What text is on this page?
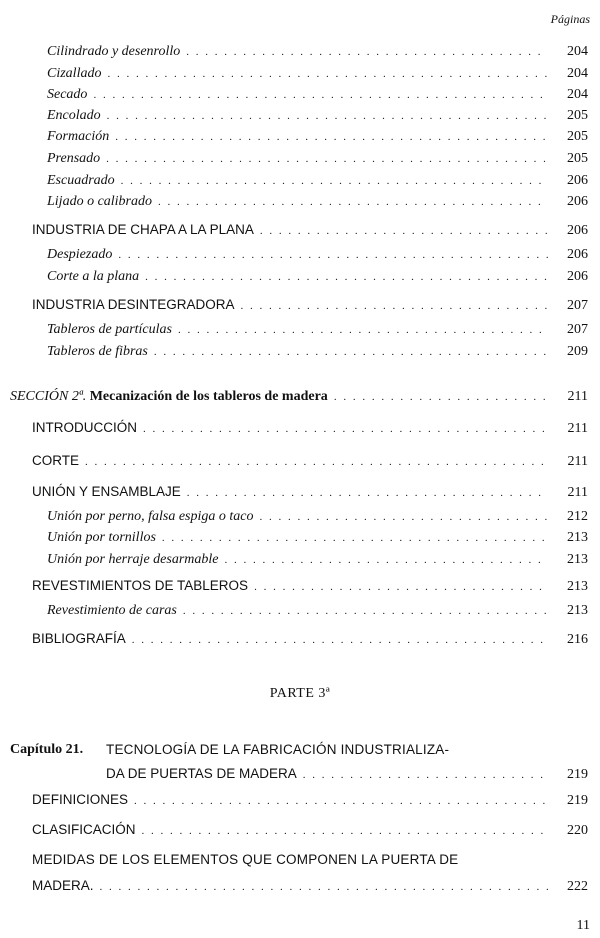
Páginas
Cilindrado y desenrollo . . .	204
Cizallado . . .	204
Secado . . .	204
Encolado . . .	205
Formación . . .	205
Prensado . . .	205
Escuadrado . . .	206
Lijado o calibrado . . .	206
INDUSTRIA DE CHAPA A LA PLANA . . .	206
Despiezado . . .	206
Corte a la plana . . .	206
INDUSTRIA DESINTEGRADORA . . .	207
Tableros de partículas . . .	207
Tableros de fibras . . .	209
SECCIÓN 2ª. Mecanización de los tableros de madera . . .	211
INTRODUCCIÓN . . .	211
CORTE . . .	211
UNIÓN Y ENSAMBLAJE . . .	211
Unión por perno, falsa espiga o taco . . .	212
Unión por tornillos . . .	213
Unión por herraje desarmable . . .	213
REVESTIMIENTOS DE TABLEROS . . .	213
Revestimiento de caras . . .	213
BIBLIOGRAFÍA . . .	216
PARTE 3ª
Capítulo 21. TECNOLOGÍA DE LA FABRICACIÓN INDUSTRIALIZA-
DA DE PUERTAS DE MADERA . . .	219
DEFINICIONES . . .	219
CLASIFICACIÓN . . .	220
MEDIDAS DE LOS ELEMENTOS QUE COMPONEN LA PUERTA DE
MADERA. . . .	222
11
